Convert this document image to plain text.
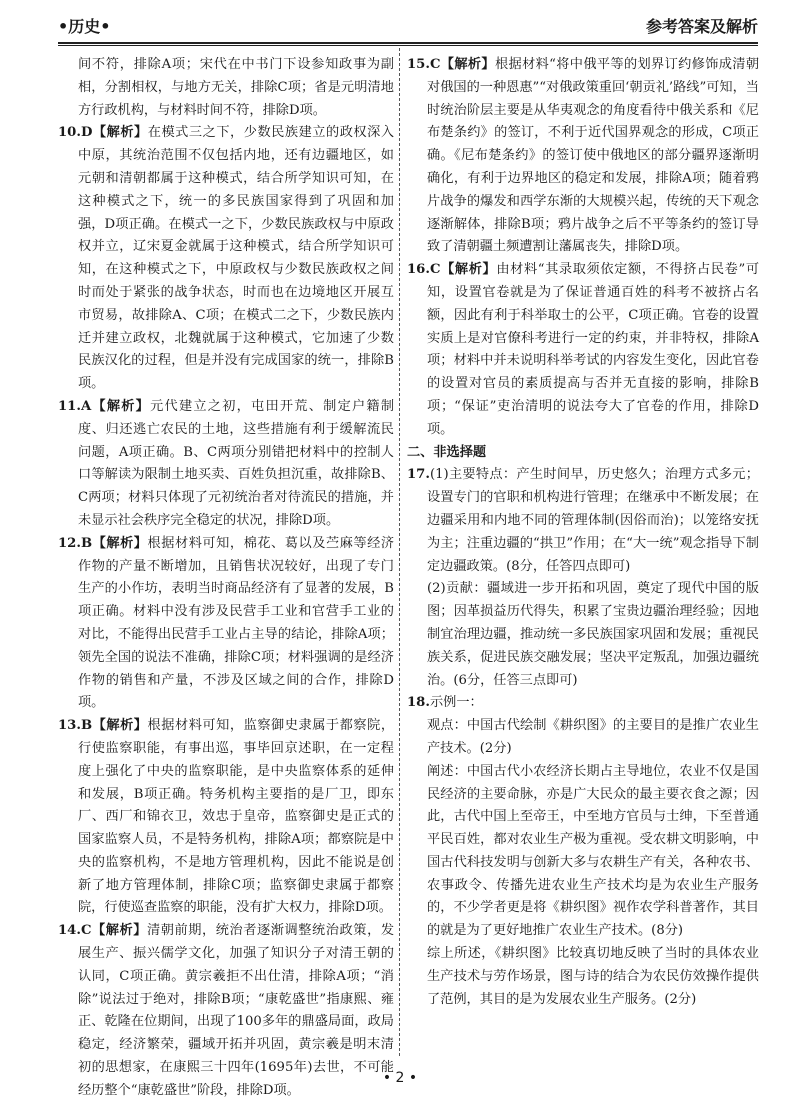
•历史•	参考答案及解析

间不符，排除A项；宋代在中书门下设参知政事为副相，分割相权，与地方无关，排除C项；省是元明清地方行政机构，与材料时间不符，排除D项。

10.D【解析】在模式三之下，少数民族建立的政权深入中原，其统治范围不仅包括内地，还有边疆地区，如元朝和清朝都属于这种模式，结合所学知识可知，在这种模式之下，统一的多民族国家得到了巩固和加强，D项正确。在模式一之下，少数民族政权与中原政权并立，辽宋夏金就属于这种模式，结合所学知识可知，在这种模式之下，中原政权与少数民族政权之间时而处于紧张的战争状态，时而也在边境地区开展互市贸易，故排除A、C项；在模式二之下，少数民族内迁并建立政权，北魏就属于这种模式，它加速了少数民族汉化的过程，但是并没有完成国家的统一，排除B项。

11.A【解析】元代建立之初，屯田开荒、制定户籍制度、归还逃亡农民的土地，这些措施有利于缓解流民问题，A项正确。B、C两项分别错把材料中的控制人口等解读为限制土地买卖、百姓负担沉重，故排除B、C两项；材料只体现了元初统治者对待流民的措施，并未显示社会秩序完全稳定的状况，排除D项。

12.B【解析】根据材料可知，棉花、葛以及苎麻等经济作物的产量不断增加，且销售状况较好，出现了专门生产的小作坊，表明当时商品经济有了显著的发展，B项正确。材料中没有涉及民营手工业和官营手工业的对比，不能得出民营手工业占主导的结论，排除A项；领先全国的说法不准确，排除C项；材料强调的是经济作物的销售和产量，不涉及区域之间的合作，排除D项。

13.B【解析】根据材料可知，监察御史隶属于都察院，行使监察职能，有事出巡，事毕回京述职，在一定程度上强化了中央的监察职能，是中央监察体系的延伸和发展，B项正确。特务机构主要指的是厂卫，即东厂、西厂和锦衣卫，效忠于皇帝，监察御史是正式的国家监察人员，不是特务机构，排除A项；都察院是中央的监察机构，不是地方管理机构，因此不能说是创新了地方管理体制，排除C项；监察御史隶属于都察院，行使巡查监察的职能，没有扩大权力，排除D项。

14.C【解析】清朝前期，统治者逐渐调整统治政策，发展生产、振兴儒学文化，加强了知识分子对清王朝的认同，C项正确。黄宗羲拒不出仕清，排除A项；“消除”说法过于绝对，排除B项；“康乾盛世”指康熙、雍正、乾隆在位期间，出现了100多年的鼎盛局面，政局稳定，经济繁荣，疆域开拓并巩固，黄宗羲是明末清初的思想家，在康熙三十四年(1695年)去世，不可能经历整个“康乾盛世”阶段，排除D项。

15.C【解析】根据材料“将中俄平等的划界订约修饰成清朝对俄国的一种恩惠”“对俄政策重回‘朝贡礼’路线”可知，当时统治阶层主要是从华夷观念的角度看待中俄关系和《尼布楚条约》的签订，不利于近代国界观念的形成，C项正确。《尼布楚条约》的签订使中俄地区的部分疆界逐渐明确化，有利于边界地区的稳定和发展，排除A项；随着鸦片战争的爆发和西学东渐的大规模兴起，传统的天下观念逐渐解体，排除B项；鸦片战争之后不平等条约的签订导致了清朝疆土频遭割让藩属丧失，排除D项。

16.C【解析】由材料“其录取须依定额，不得挤占民卷”可知，设置官卷就是为了保证普通百姓的科考不被挤占名额，因此有利于科举取士的公平，C项正确。官卷的设置实质上是对官僚科考进行一定的约束，并非特权，排除A项；材料中并未说明科举考试的内容发生变化，因此官卷的设置对官员的素质提高与否并无直接的影响，排除B项；“保证”吏治清明的说法夸大了官卷的作用，排除D项。

二、非选择题

17.(1)主要特点：产生时间早，历史悠久；治理方式多元；设置专门的官职和机构进行管理；在继承中不断发展；在边疆采用和内地不同的管理体制(因俗而治)；以笼络安抚为主；注重边疆的“拱卫”作用；在“大一统”观念指导下制定边疆政策。(8分，任答四点即可)

(2)贡献：疆域进一步开拓和巩固，奠定了现代中国的版图；因革损益历代得失，积累了宝贵边疆治理经验；因地制宜治理边疆，推动统一多民族国家巩固和发展；重视民族关系，促进民族交融发展；坚决平定叛乱，加强边疆统治。(6分，任答三点即可)

18.示例一：

观点：中国古代绘制《耕织图》的主要目的是推广农业生产技术。(2分)

阐述：中国古代小农经济长期占主导地位，农业不仅是国民经济的主要命脉，亦是广大民众的最主要衣食之源；因此，古代中国上至帝王，中至地方官员与士绅，下至普通平民百姓，都对农业生产极为重视。受农耕文明影响，中国古代科技发明与创新大多与农耕生产有关，各种农书、农事政令、传播先进农业生产技术均是为农业生产服务的，不少学者更是将《耕织图》视作农学科普著作，其目的就是为了更好地推广农业生产技术。(8分)

综上所述，《耕织图》比较真切地反映了当时的具体农业生产技术与劳作场景，图与诗的结合为农民仿效操作提供了范例，其目的是为发展农业生产服务。(2分)

• 2 •
